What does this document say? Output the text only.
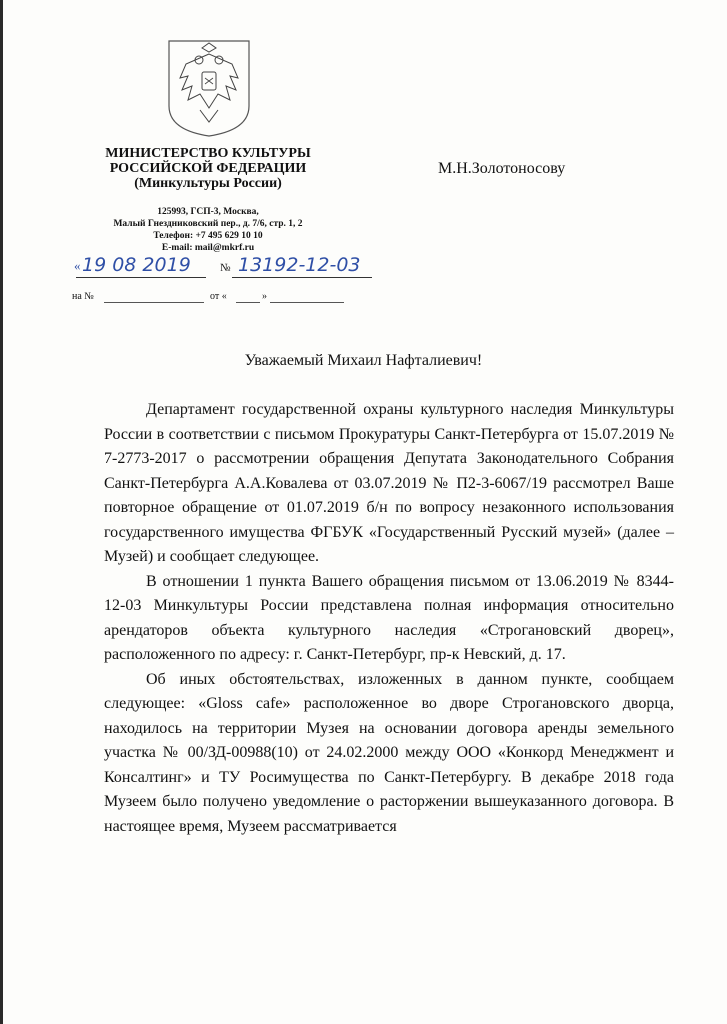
МИНИСТЕРСТВО КУЛЬТУРЫ
РОССИЙСКОЙ ФЕДЕРАЦИИ
(Минкультуры России)
125993, ГСП-3, Москва,
Малый Гнездниковский пер., д. 7/6, стр. 1, 2
Телефон: +7 495 629 10 10
E-mail: mail@mkrf.ru
М.Н.Золотоносову
« 19 08 2019	№ 13192-12-03
на №	от «	»
Уважаемый Михаил Нафталиевич!

Департамент государственной охраны культурного наследия Минкультуры России в соответствии с письмом Прокуратуры Санкт-Петербурга от 15.07.2019 № 7-2773-2017 о рассмотрении обращения Депутата Законодательного Собрания Санкт-Петербурга А.А.Ковалева от 03.07.2019 № П2-3-6067/19 рассмотрел Ваше повторное обращение от 01.07.2019 б/н по вопросу незаконного использования государственного имущества ФГБУК «Государственный Русский музей» (далее – Музей) и сообщает следующее.

В отношении 1 пункта Вашего обращения письмом от 13.06.2019 № 8344-12-03 Минкультуры России представлена полная информация относительно арендаторов объекта культурного наследия «Строгановский дворец», расположенного по адресу: г. Санкт-Петербург, пр-к Невский, д. 17.

Об иных обстоятельствах, изложенных в данном пункте, сообщаем следующее: «Gloss cafe» расположенное во дворе Строгановского дворца, находилось на территории Музея на основании договора аренды земельного участка № 00/ЗД-00988(10) от 24.02.2000 между ООО «Конкорд Менеджмент и Консалтинг» и ТУ Росимущества по Санкт-Петербургу. В декабре 2018 года Музеем было получено уведомление о расторжении вышеуказанного договора. В настоящее время, Музеем рассматривается
